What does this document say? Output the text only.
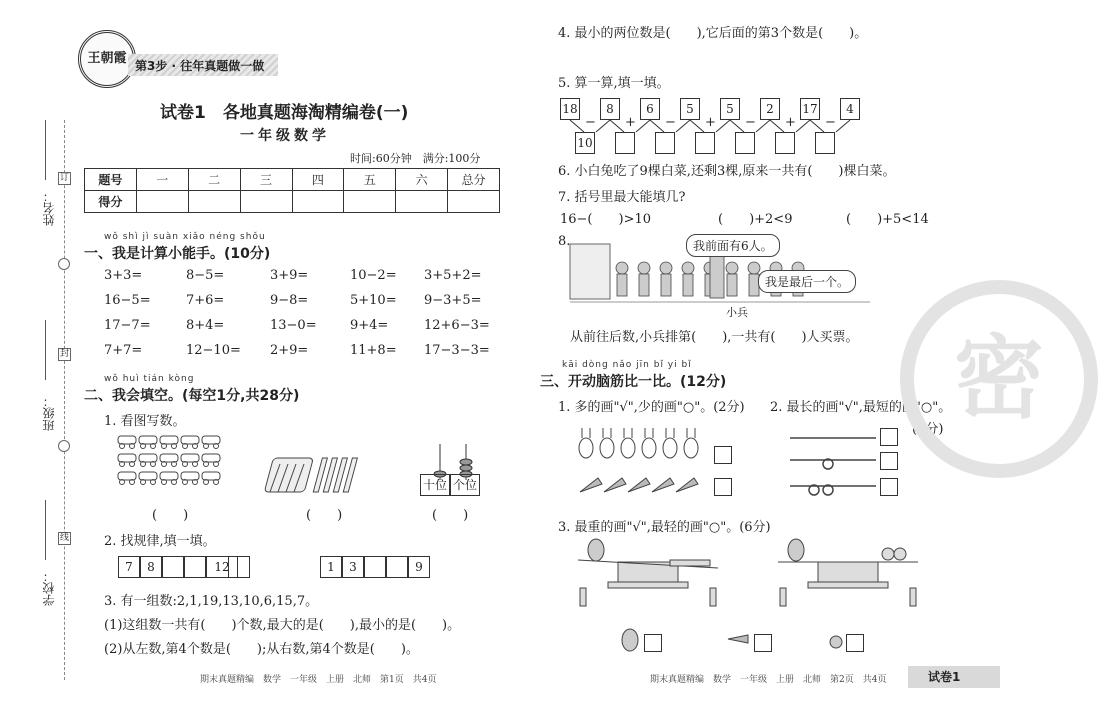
姓名：
班级：
学校：
订
封
线
王朝霞 第3步 · 往年真题做一做
试卷1　各地真题海淘精编卷(一)
一年级数学
时间:60分钟　满分:100分
题号	一	二	三	四	五	六	总分
得分							
wǒ shì jì suàn xiǎo néng shǒu
一、我是计算小能手。(10分)
3+3=	8−5=	3+9=	10−2= 3+5+2=
16−5=	7+6=	9−8=	5+10= 9−3+5=
17−7=	8+4=	13−0=	9+4=	12+6−3=
7+7=	12−10= 2+9=	11+8= 17−3−3=
wǒ huì tián kòng
二、我会填空。(每空1分,共28分)
1. 看图写数。
十位 个位
(　　)	(　　)	(　　)
2. 找规律,填一填。
7	8	12	1	3	9
3. 有一组数:2,1,19,13,10,6,15,7。
(1)这组数一共有(　　)个数,最大的是(　　),最小的是(　　)。
(2)从左数,第4个数是(　　);从右数,第4个数是(　　)。
期末真题精编　数学　一年级　上册　北师　第1页　共4页
4. 最小的两位数是(　　),它后面的第3个数是(　　)。
5. 算一算,填一填。
18	8	6	5	5	2	17	4
− + − + − + −
10
6. 小白兔吃了9棵白菜,还剩3棵,原来一共有(　　)棵白菜。
7. 括号里最大能填几?
16−(　　)>10	(　　)+2<9	(　　)+5<14
8.	我前面有6人。
我是最后一个。
小兵
从前往后数,小兵排第(　　),一共有(　　)人买票。
kāi dòng nǎo jīn bǐ yi bǐ
三、开动脑筋比一比。(12分)
1. 多的画"√",少的画"○"。(2分) 2. 最长的画"√",最短的画"○"。
(4分)
3. 最重的画"√",最轻的画"○"。(6分)
期末真题精编　数学　一年级　上册　北师　第2页　共4页	试卷1
密
